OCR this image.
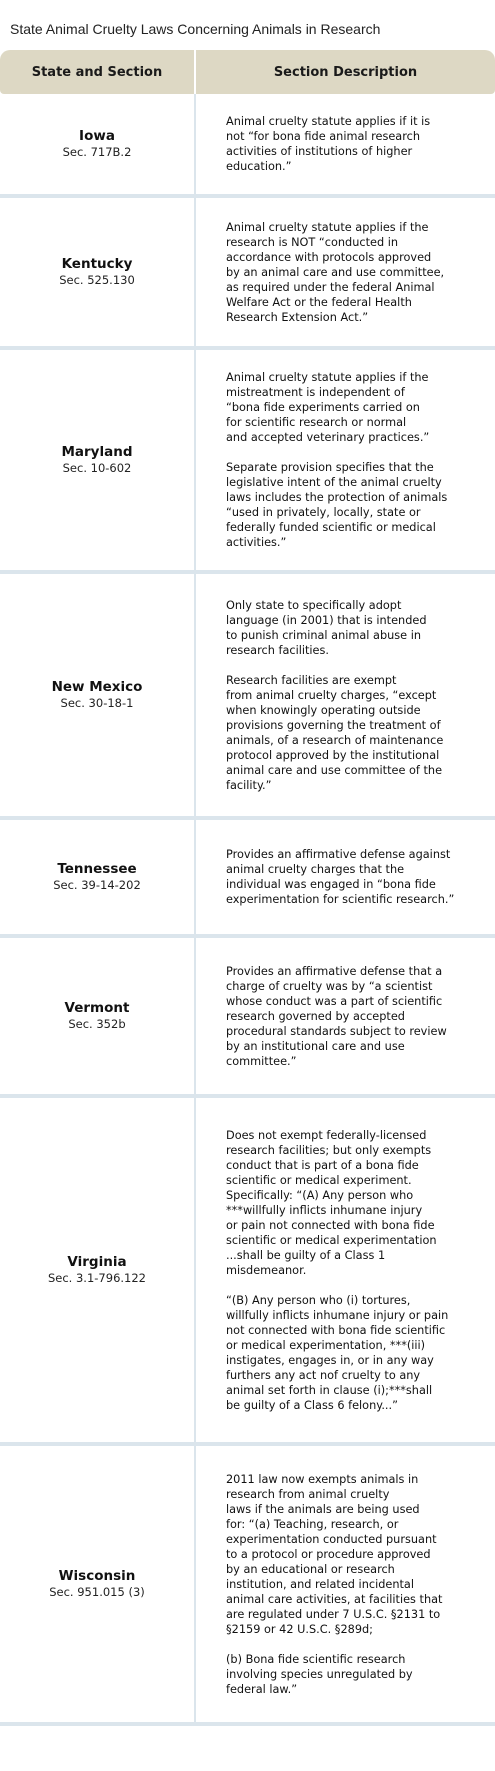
State Animal Cruelty Laws Concerning Animals in Research
State and Section	Section Description
Iowa
Sec. 717B.2

Animal cruelty statute applies if it is
not “for bona fide animal research
activities of institutions of higher
education.”

Kentucky
Sec. 525.130

Animal cruelty statute applies if the
research is NOT “conducted in
accordance with protocols approved
by an animal care and use committee,
as required under the federal Animal
Welfare Act or the federal Health
Research Extension Act.”

Maryland
Sec. 10-602

Animal cruelty statute applies if the
mistreatment is independent of
“bona fide experiments carried on
for scientific research or normal
and accepted veterinary practices.”

Separate provision specifies that the
legislative intent of the animal cruelty
laws includes the protection of animals
“used in privately, locally, state or
federally funded scientific or medical
activities.”

New Mexico
Sec. 30-18-1

Only state to specifically adopt
language (in 2001) that is intended
to punish criminal animal abuse in
research facilities.

Research facilities are exempt
from animal cruelty charges, “except
when knowingly operating outside
provisions governing the treatment of
animals, of a research of maintenance
protocol approved by the institutional
animal care and use committee of the
facility.”

Tennessee
Sec. 39-14-202

Provides an affirmative defense against
animal cruelty charges that the
individual was engaged in “bona fide
experimentation for scientific research.”

Vermont
Sec. 352b

Provides an affirmative defense that a
charge of cruelty was by “a scientist
whose conduct was a part of scientific
research governed by accepted
procedural standards subject to review
by an institutional care and use
committee.”

Virginia
Sec. 3.1-796.122

Does not exempt federally-licensed
research facilities; but only exempts
conduct that is part of a bona fide
scientific or medical experiment.
Specifically: “(A) Any person who
***willfully inflicts inhumane injury
or pain not connected with bona fide
scientific or medical experimentation
...shall be guilty of a Class 1
misdemeanor.

“(B) Any person who (i) tortures,
willfully inflicts inhumane injury or pain
not connected with bona fide scientific
or medical experimentation, ***(iii)
instigates, engages in, or in any way
furthers any act nof cruelty to any
animal set forth in clause (i);***shall
be guilty of a Class 6 felony...”

Wisconsin
Sec. 951.015 (3)

2011 law now exempts animals in
research from animal cruelty
laws if the animals are being used
for: “(a) Teaching, research, or
experimentation conducted pursuant
to a protocol or procedure approved
by an educational or research
institution, and related incidental
animal care activities, at facilities that
are regulated under 7 U.S.C. §2131 to
§2159 or 42 U.S.C. §289d;

(b) Bona fide scientific research
involving species unregulated by
federal law.”
